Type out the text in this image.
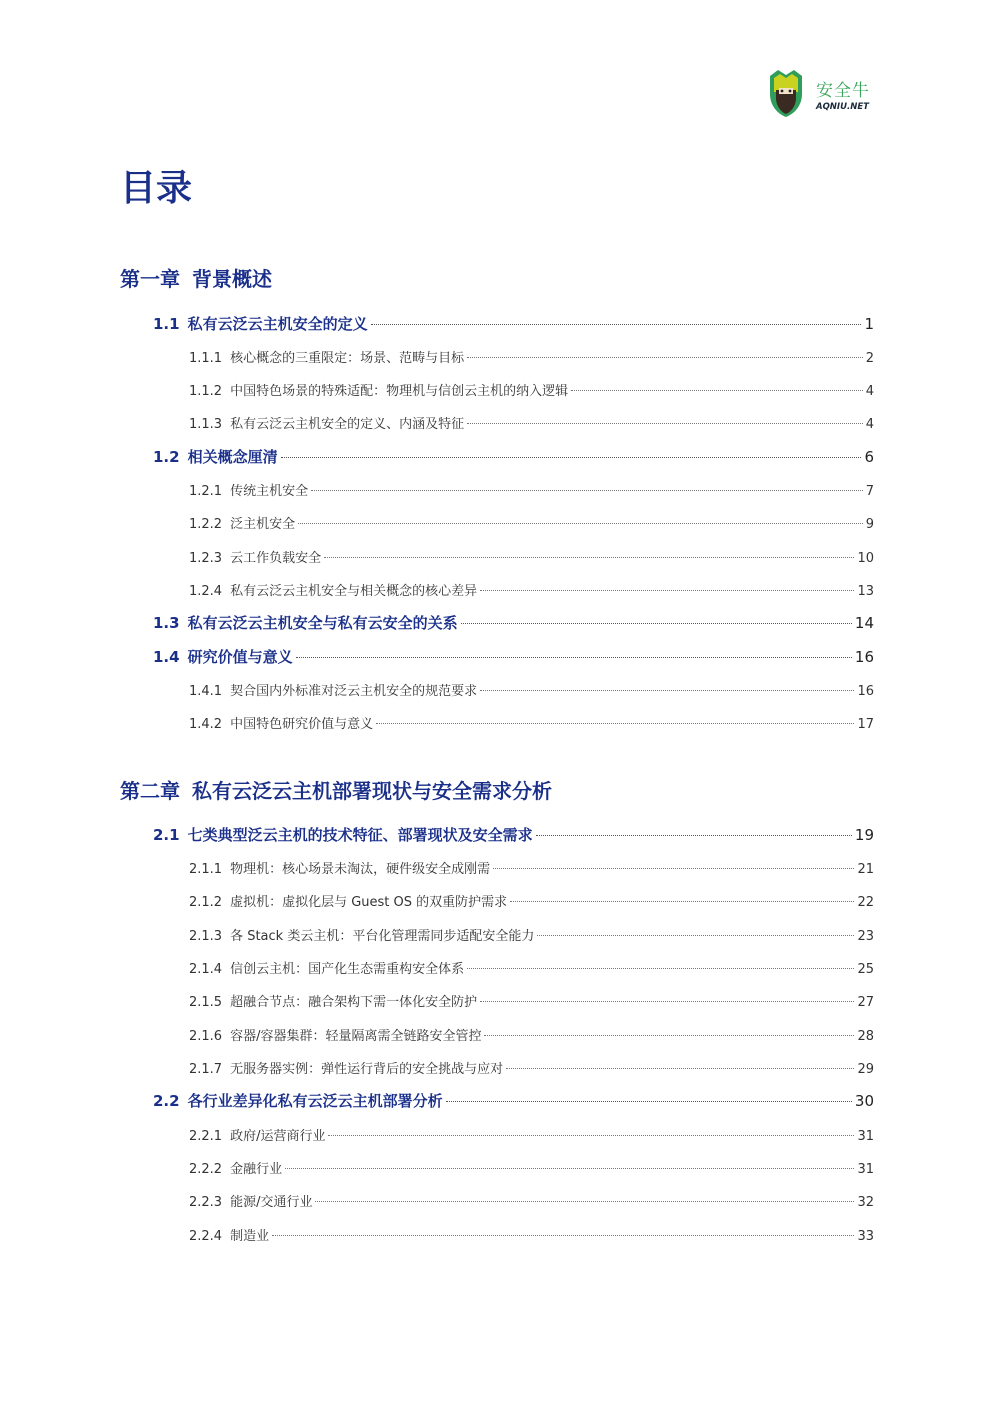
安全牛
AQNIU.NET
目录
第一章 背景概述
1.1 私有云泛云主机安全的定义	1
1.1.1 核心概念的三重限定：场景、范畴与目标	2
1.1.2 中国特色场景的特殊适配：物理机与信创云主机的纳入逻辑	4
1.1.3 私有云泛云主机安全的定义、内涵及特征	4
1.2 相关概念厘清	6
1.2.1 传统主机安全	7
1.2.2 泛主机安全	9
1.2.3 云工作负载安全	10
1.2.4 私有云泛云主机安全与相关概念的核心差异	13
1.3 私有云泛云主机安全与私有云安全的关系	14
1.4 研究价值与意义	16
1.4.1 契合国内外标准对泛云主机安全的规范要求	16
1.4.2 中国特色研究价值与意义	17
第二章 私有云泛云主机部署现状与安全需求分析
2.1 七类典型泛云主机的技术特征、部署现状及安全需求	19
2.1.1 物理机：核心场景未淘汰，硬件级安全成刚需	21
2.1.2 虚拟机：虚拟化层与 Guest OS 的双重防护需求	22
2.1.3 各 Stack 类云主机：平台化管理需同步适配安全能力	23
2.1.4 信创云主机：国产化生态需重构安全体系	25
2.1.5 超融合节点：融合架构下需一体化安全防护	27
2.1.6 容器/容器集群：轻量隔离需全链路安全管控	28
2.1.7 无服务器实例：弹性运行背后的安全挑战与应对	29
2.2 各行业差异化私有云泛云主机部署分析	30
2.2.1 政府/运营商行业	31
2.2.2 金融行业	31
2.2.3 能源/交通行业	32
2.2.4 制造业	33
